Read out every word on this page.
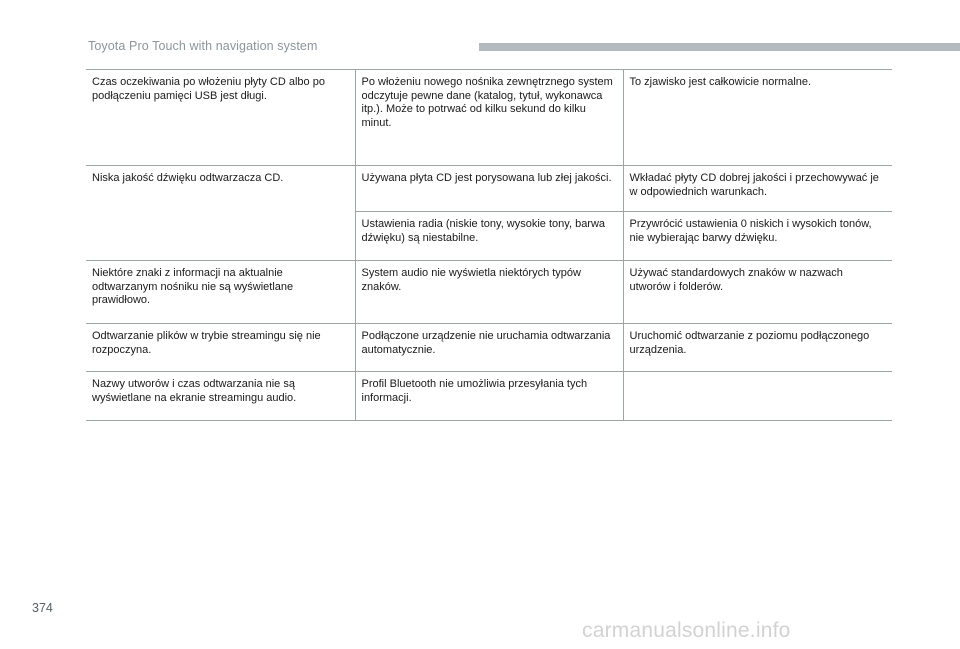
Toyota Pro Touch with navigation system
Czas oczekiwania po włożeniu płyty CD albo po podłączeniu pamięci USB jest długi.	Po włożeniu nowego nośnika zewnętrznego system odczytuje pewne dane (katalog, tytuł, wykonawca itp.). Może to potrwać od kilku sekund do kilku minut.	To zjawisko jest całkowicie normalne.
Niska jakość dźwięku odtwarzacza CD.	Używana płyta CD jest porysowana lub złej jakości.	Wkładać płyty CD dobrej jakości i przechowywać je w odpowiednich warunkach.
	Ustawienia radia (niskie tony, wysokie tony, barwa dźwięku) są niestabilne.	Przywrócić ustawienia 0 niskich i wysokich tonów, nie wybierając barwy dźwięku.
Niektóre znaki z informacji na aktualnie odtwarzanym nośniku nie są wyświetlane prawidłowo.	System audio nie wyświetla niektórych typów znaków.	Używać standardowych znaków w nazwach utworów i folderów.
Odtwarzanie plików w trybie streamingu się nie rozpoczyna.	Podłączone urządzenie nie uruchamia odtwarzania automatycznie.	Uruchomić odtwarzanie z poziomu podłączonego urządzenia.
Nazwy utworów i czas odtwarzania nie są wyświetlane na ekranie streamingu audio.	Profil Bluetooth nie umożliwia przesyłania tych informacji.	
374
carmanualsonline.info
